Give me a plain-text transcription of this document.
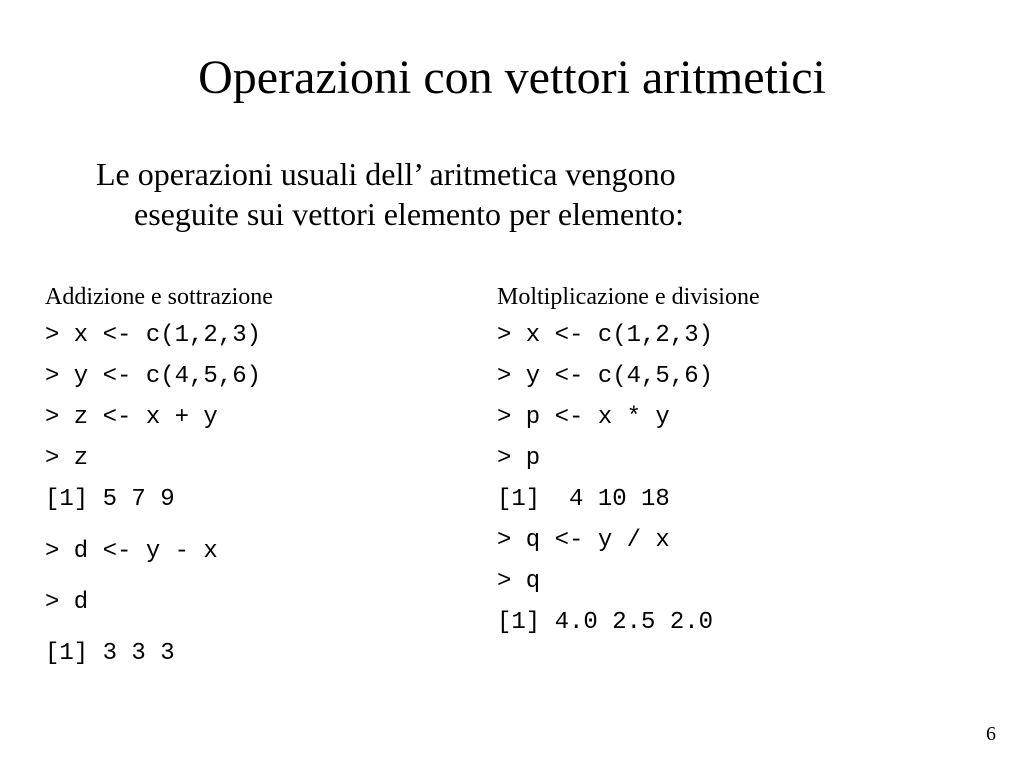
Operazioni con vettori aritmetici

Le operazioni usuali dell’ aritmetica vengono
eseguite sui vettori elemento per elemento:

Addizione e sottrazione
> x <- c(1,2,3)
> y <- c(4,5,6)
> z <- x + y
> z
[1] 5 7 9
> d <- y - x
> d
[1] 3 3 3
Moltiplicazione e divisione
> x <- c(1,2,3)
> y <- c(4,5,6)
> p <- x * y
> p
[1]  4 10 18
> q <- y / x
> q
[1] 4.0 2.5 2.0
6
